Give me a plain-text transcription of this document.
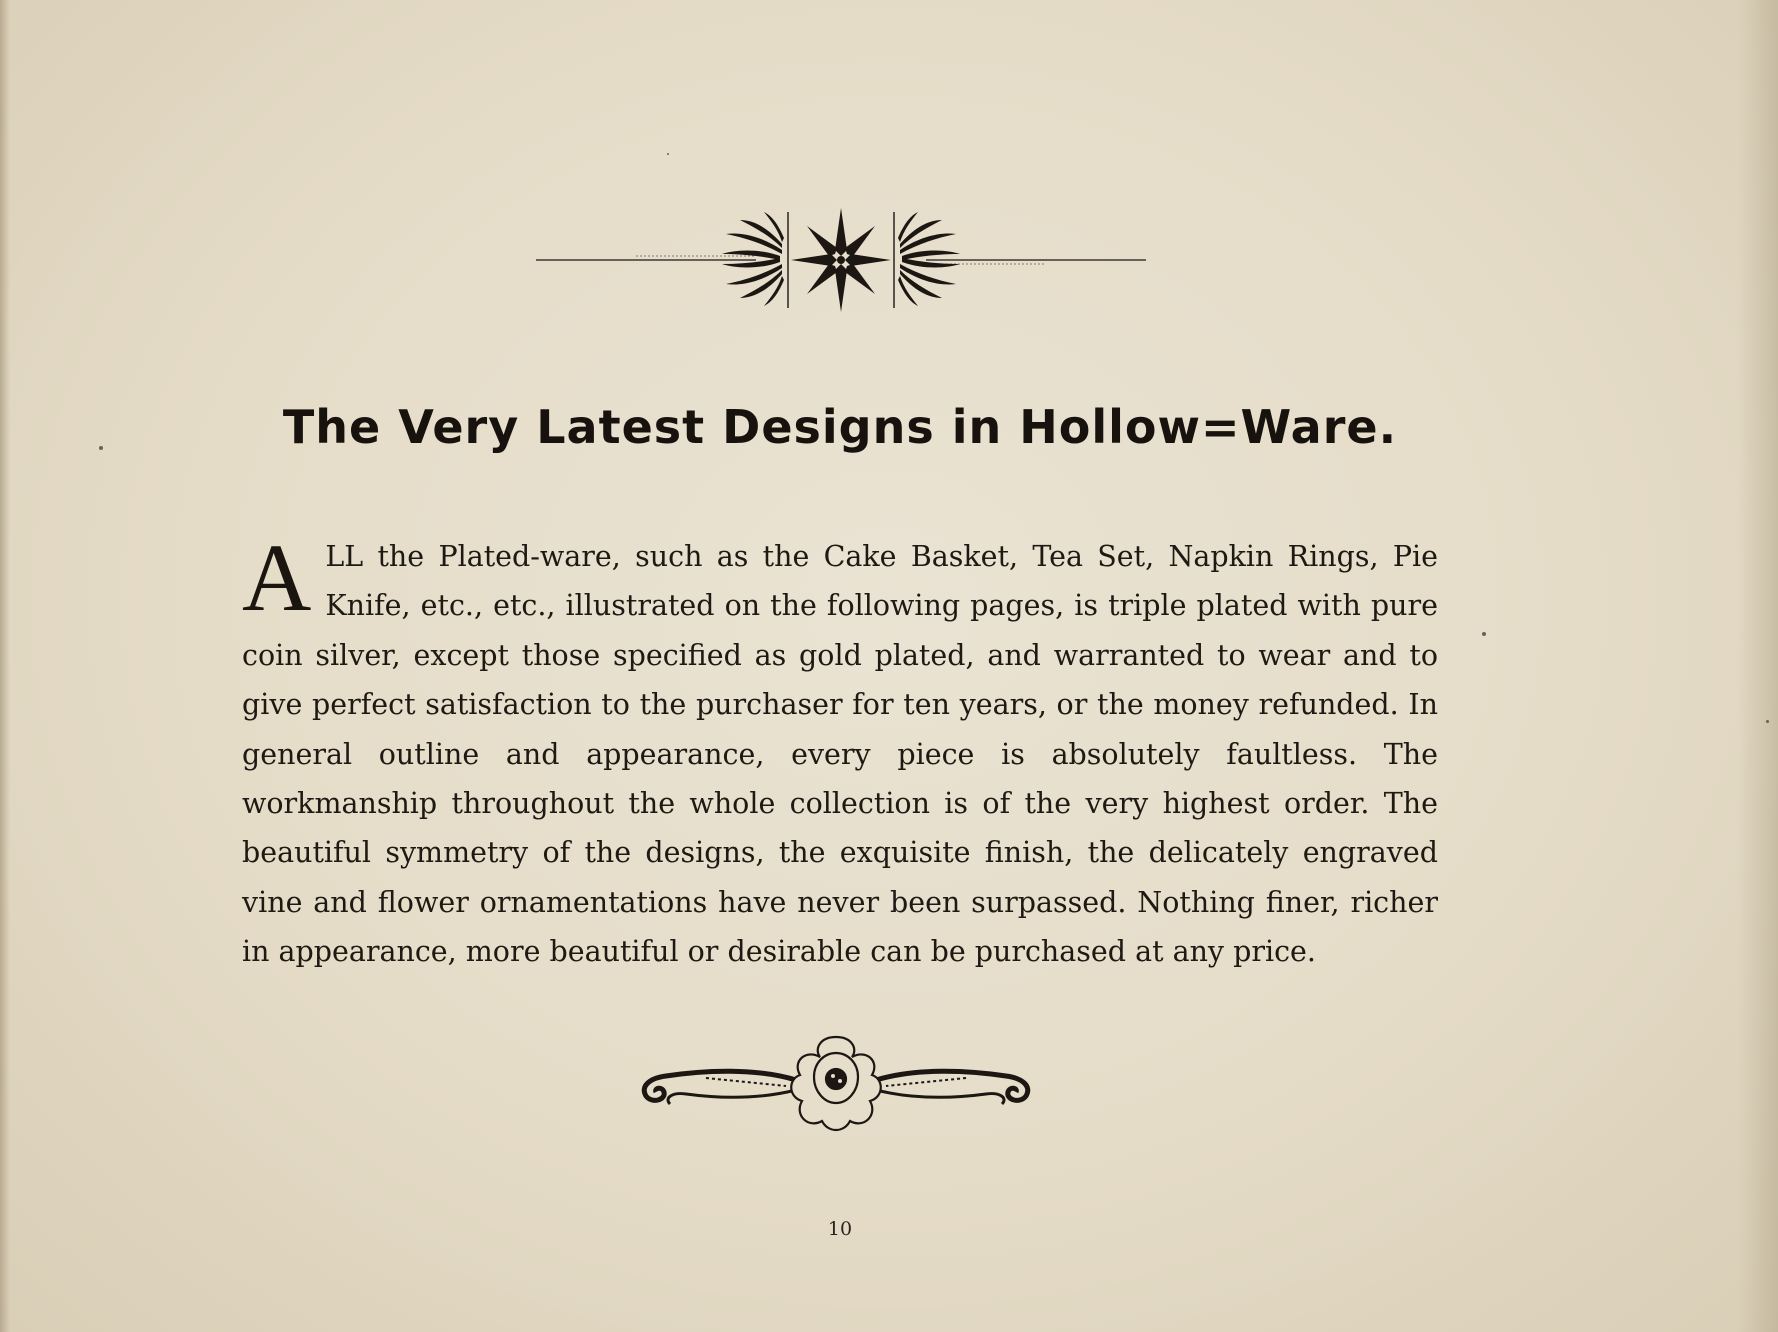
The Very Latest Designs in Hollow=Ware.

ALL the Plated-ware, such as the Cake Basket, Tea Set, Napkin Rings, Pie Knife, etc., etc., illustrated on the following pages, is triple plated with pure coin silver, except those specified as gold plated, and warranted to wear and to give perfect satisfaction to the purchaser for ten years, or the money refunded. In general outline and appearance, every piece is absolutely faultless. The workmanship throughout the whole collection is of the very highest order. The beautiful symmetry of the designs, the exquisite finish, the delicately engraved vine and flower ornamentations have never been surpassed. Nothing finer, richer in appearance, more beautiful or desirable can be purchased at any price.

10
